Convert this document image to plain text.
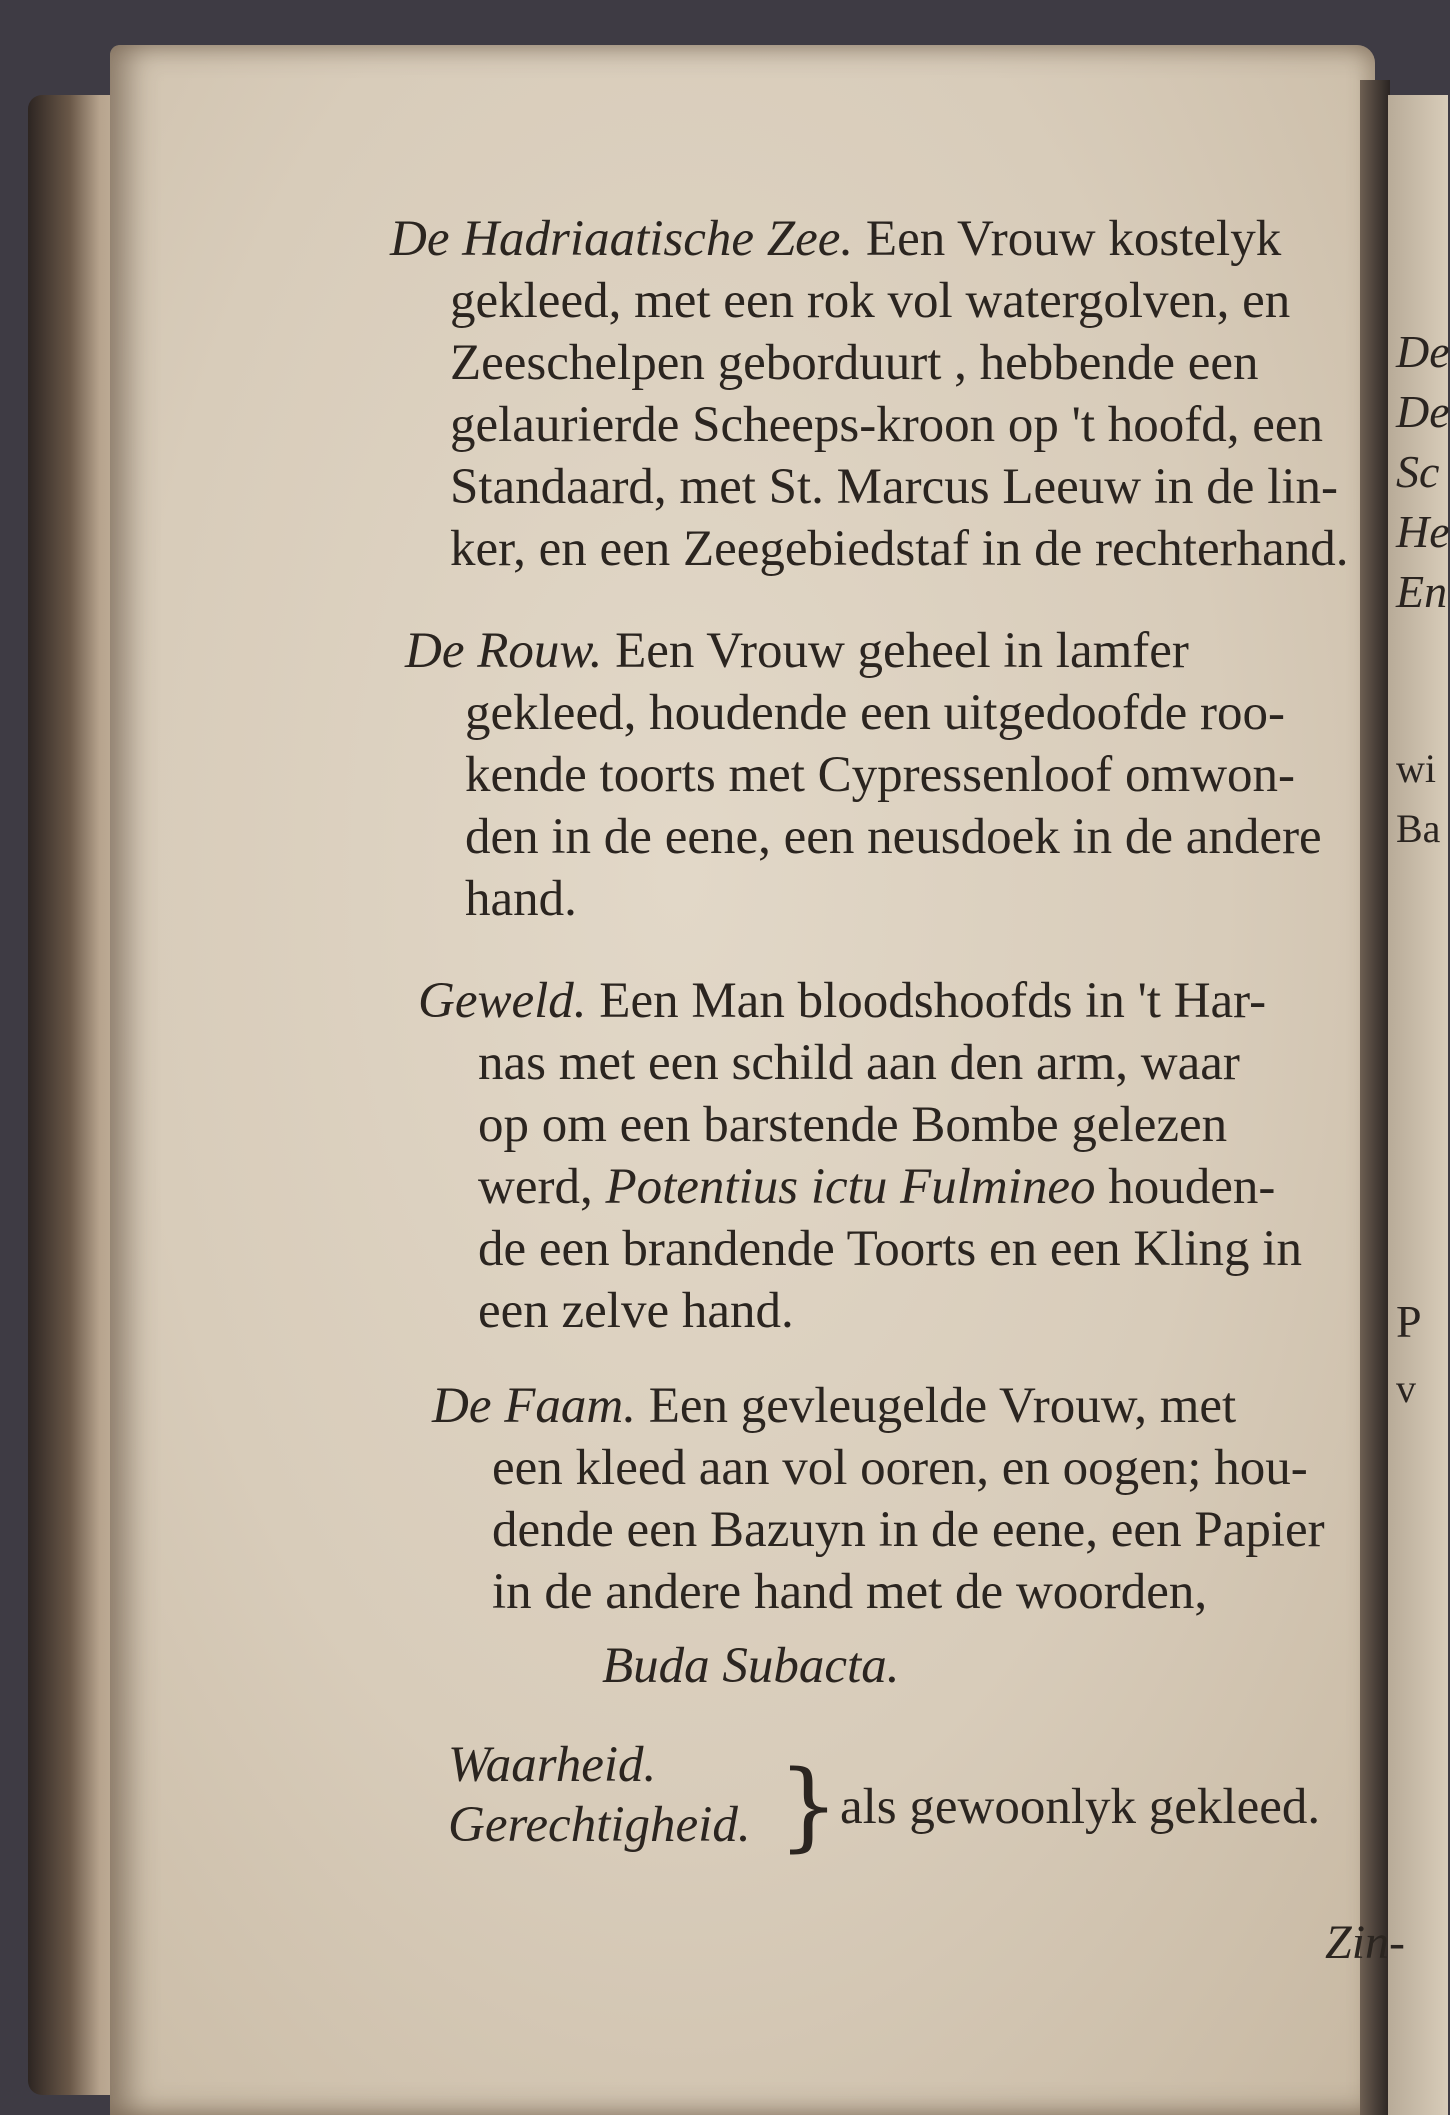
De
De
Sc
He
En
wi
Ba
P
v

De Hadriaatische Zee. Een Vrouw kostelyk

gekleed, met een rok vol watergolven, en

Zeeschelpen geborduurt , hebbende een

gelaurierde Scheeps-kroon op 't hoofd, een

Standaard, met St. Marcus Leeuw in de lin-

ker, en een Zeegebiedstaf in de rechterhand.

De Rouw. Een Vrouw geheel in lamfer

gekleed, houdende een uitgedoofde roo-

kende toorts met Cypressenloof omwon-

den in de eene, een neusdoek in de andere

hand.

Geweld. Een Man bloodshoofds in 't Har-

nas met een schild aan den arm, waar

op om een barstende Bombe gelezen

werd, Potentius ictu Fulmineo houden-

de een brandende Toorts en een Kling in

een zelve hand.

De Faam. Een gevleugelde Vrouw, met

een kleed aan vol ooren, en oogen; hou-

dende een Bazuyn in de eene, een Papier

in de andere hand met de woorden,

Buda Subacta.

Waarheid.

Gerechtigheid. } als gewoonlyk gekleed.
Zin-
